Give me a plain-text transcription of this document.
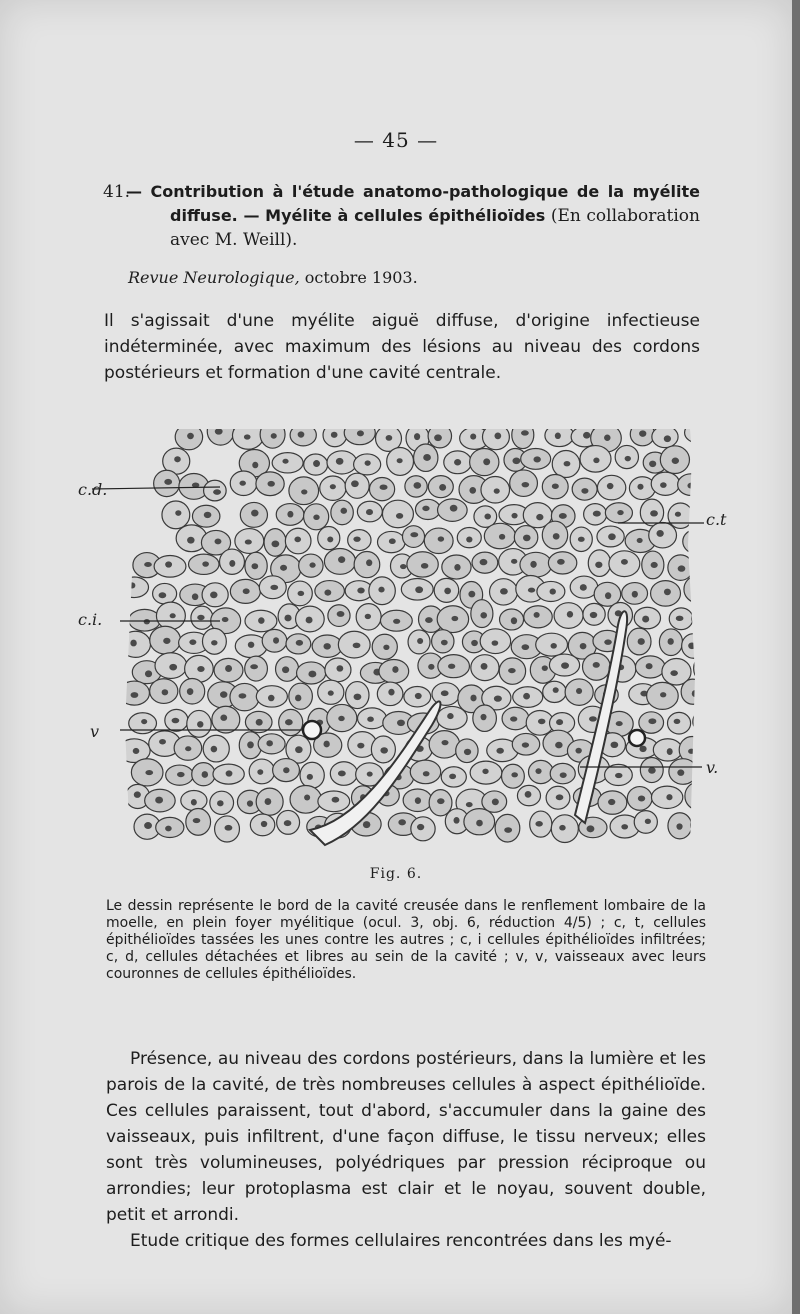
— 45 —
41.
— Contribution à l'étude anatomo-pathologique de la myélite diffuse. — Myélite à cellules épithélioïdes (En collaboration avec M. Weill).
Revue Neurologique, octobre 1903.
Il s'agissait d'une myélite aiguë diffuse, d'origine infectieuse indéterminée, avec maximum des lésions au niveau des cordons postérieurs et formation d'une cavité centrale.
c.d.
c.i.
v
c.t
v.
Fig. 6.
Le dessin représente le bord de la cavité creusée dans le renflement lombaire de la moelle, en plein foyer myélitique (ocul. 3, obj. 6, réduction 4/5) ; c, t, cellules épithélioïdes tassées les unes contre les autres ; c, i cellules épithélioïdes infiltrées; c, d, cellules détachées et libres au sein de la cavité ; v, v, vaisseaux avec leurs couronnes de cellules épithélioïdes.

Présence, au niveau des cordons postérieurs, dans la lumière et les parois de la cavité, de très nombreuses cellules à aspect épithélioïde. Ces cellules paraissent, tout d'abord, s'accumuler dans la gaine des vaisseaux, puis infiltrent, d'une façon diffuse, le tissu nerveux; elles sont très volumineuses, polyédriques par pression réciproque ou arrondies; leur protoplasma est clair et le noyau, souvent double, petit et arrondi.

Etude critique des formes cellulaires rencontrées dans les myé-
